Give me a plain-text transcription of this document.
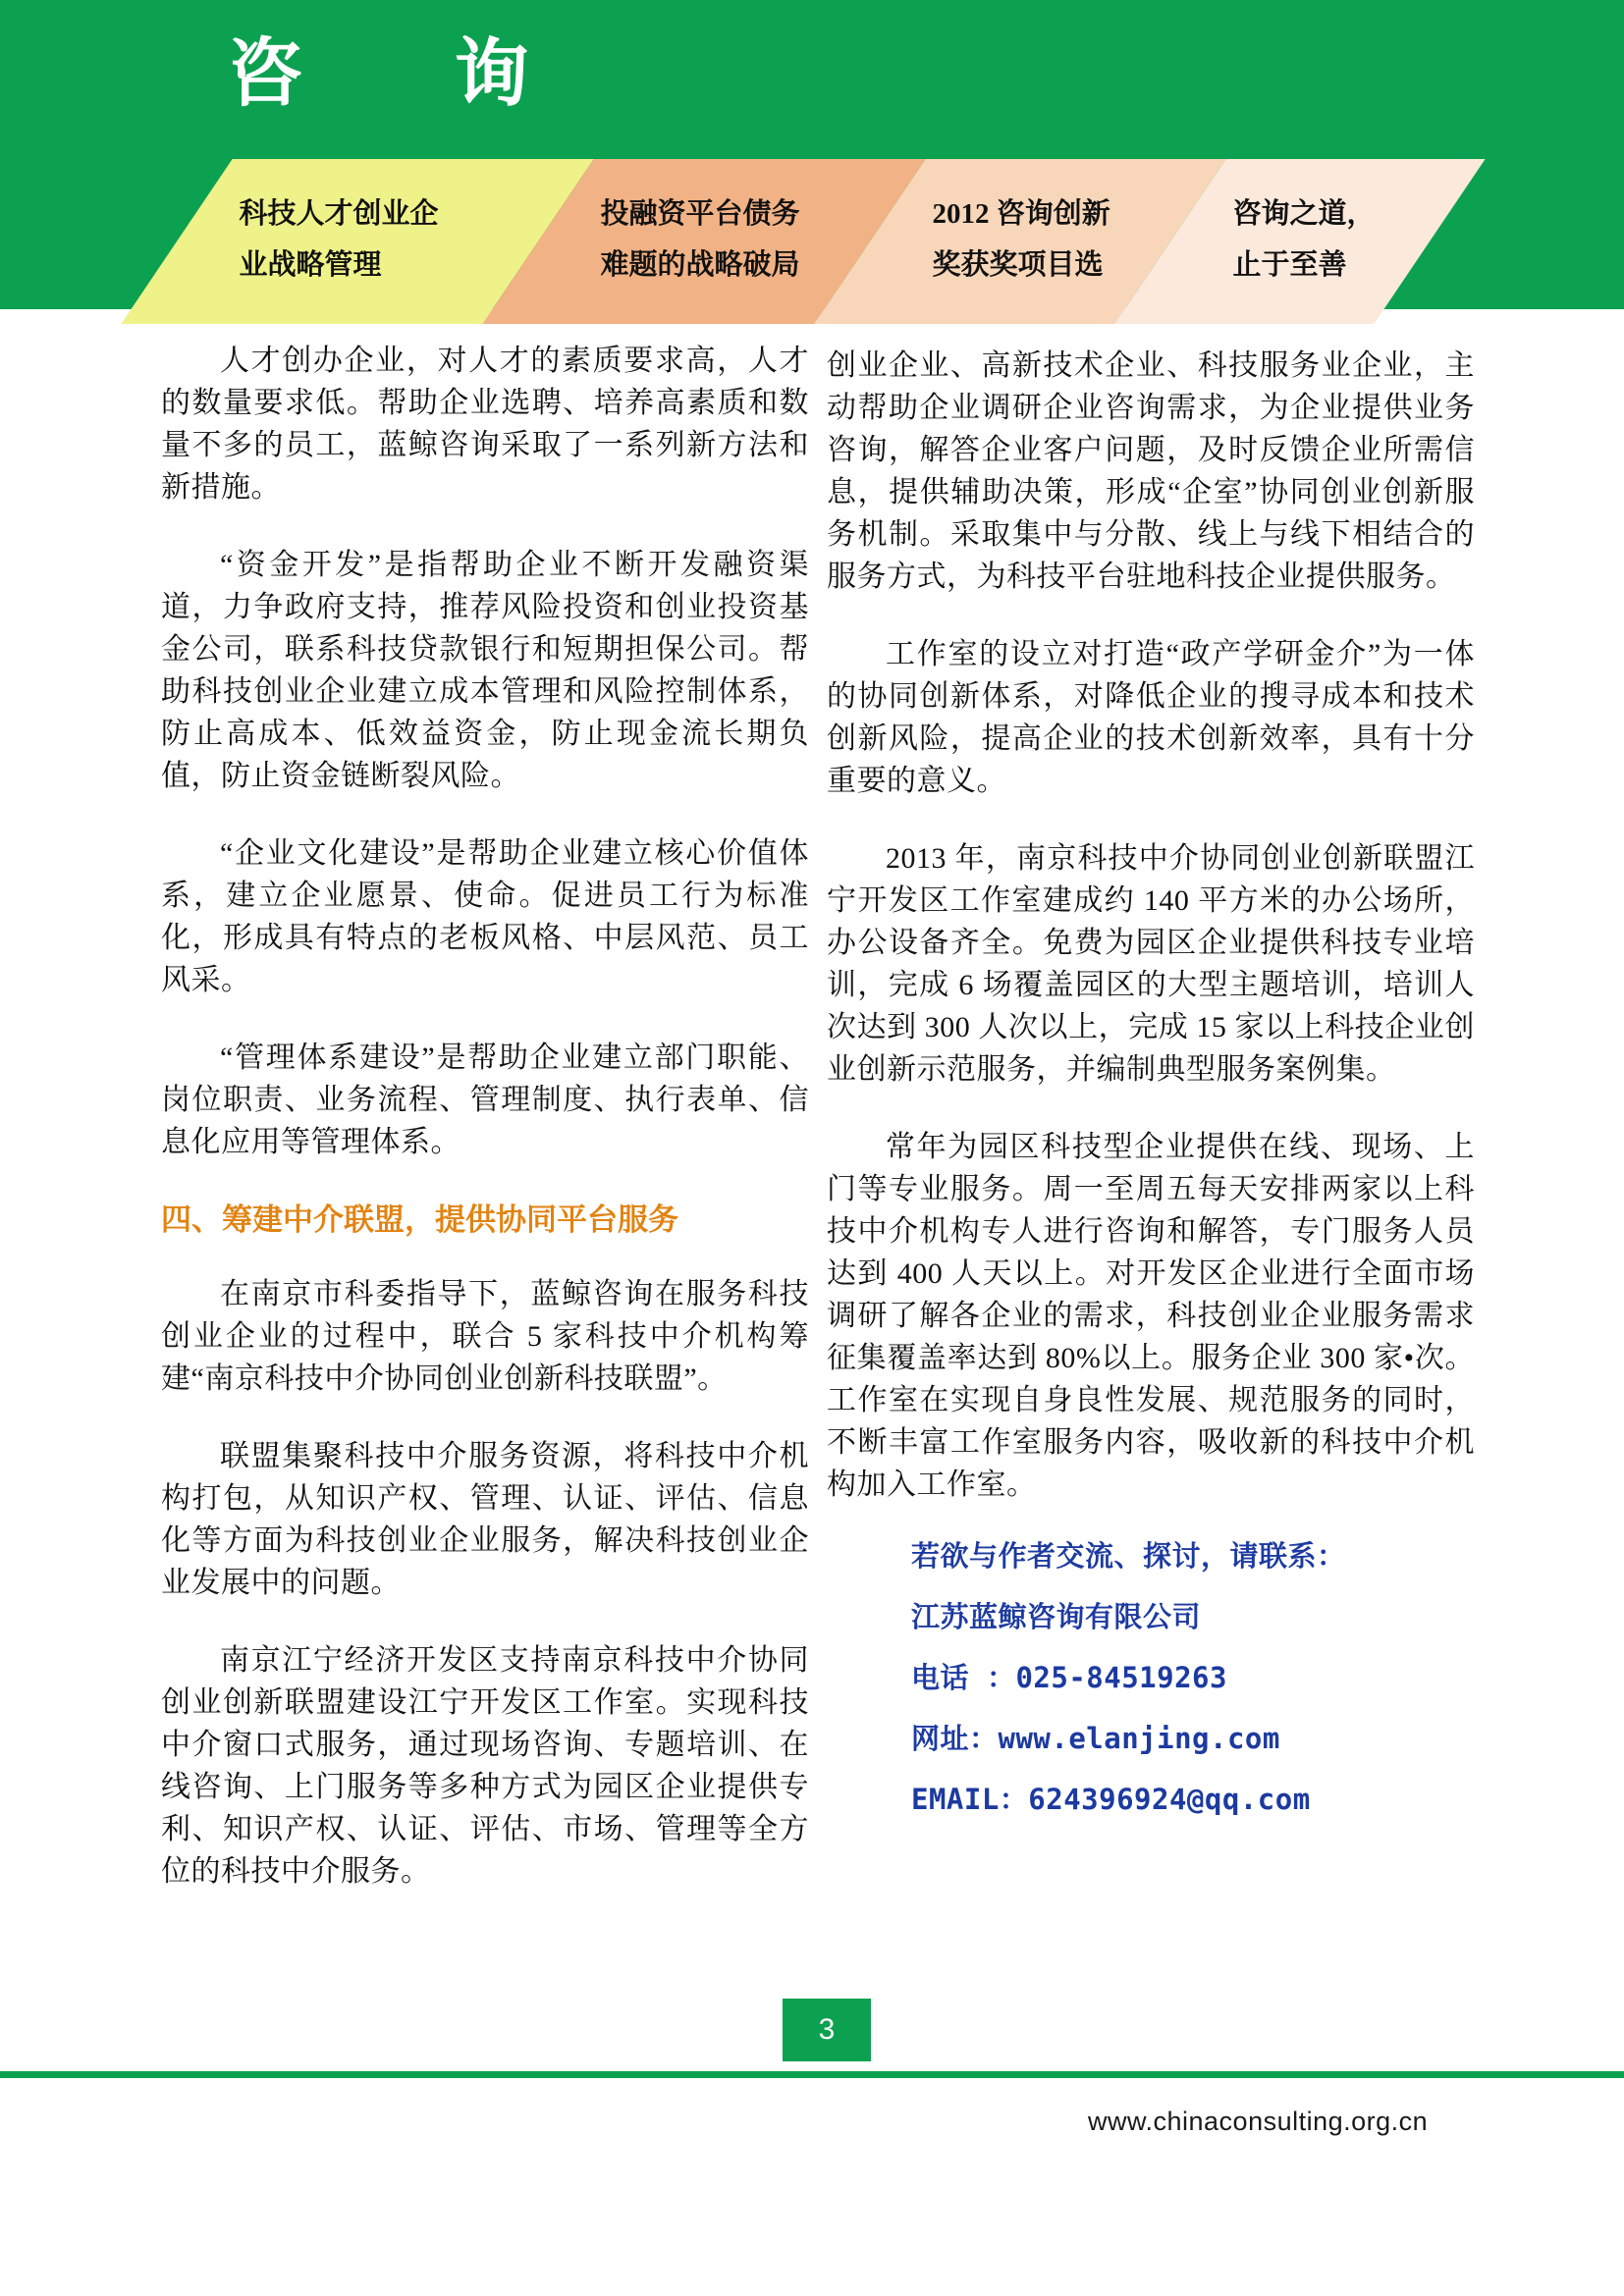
咨 询
科技人才创业企
业战略管理
投融资平台债务
难题的战略破局
2012 咨询创新
奖获奖项目选
咨询之道，
止于至善

人才创办企业，对人才的素质要求高，人才的数量要求低。帮助企业选聘、培养高素质和数量不多的员工，蓝鲸咨询采取了一系列新方法和新措施。

“资金开发”是指帮助企业不断开发融资渠道，力争政府支持，推荐风险投资和创业投资基金公司，联系科技贷款银行和短期担保公司。帮助科技创业企业建立成本管理和风险控制体系，防止高成本、低效益资金，防止现金流长期负值，防止资金链断裂风险。

“企业文化建设”是帮助企业建立核心价值体系，建立企业愿景、使命。促进员工行为标准化，形成具有特点的老板风格、中层风范、员工风采。

“管理体系建设”是帮助企业建立部门职能、岗位职责、业务流程、管理制度、执行表单、信息化应用等管理体系。

四、筹建中介联盟，提供协同平台服务

在南京市科委指导下，蓝鲸咨询在服务科技创业企业的过程中，联合 5 家科技中介机构筹建“南京科技中介协同创业创新科技联盟”。

联盟集聚科技中介服务资源，将科技中介机构打包，从知识产权、管理、认证、评估、信息化等方面为科技创业企业服务，解决科技创业企业发展中的问题。

南京江宁经济开发区支持南京科技中介协同创业创新联盟建设江宁开发区工作室。实现科技中介窗口式服务，通过现场咨询、专题培训、在线咨询、上门服务等多种方式为园区企业提供专利、知识产权、认证、评估、市场、管理等全方位的科技中介服务。

创业企业、高新技术企业、科技服务业企业，主动帮助企业调研企业咨询需求，为企业提供业务咨询，解答企业客户问题，及时反馈企业所需信息，提供辅助决策，形成“企室”协同创业创新服务机制。采取集中与分散、线上与线下相结合的服务方式，为科技平台驻地科技企业提供服务。

工作室的设立对打造“政产学研金介”为一体的协同创新体系，对降低企业的搜寻成本和技术创新风险，提高企业的技术创新效率，具有十分重要的意义。

2013 年，南京科技中介协同创业创新联盟江宁开发区工作室建成约 140 平方米的办公场所，办公设备齐全。免费为园区企业提供科技专业培训，完成 6 场覆盖园区的大型主题培训，培训人次达到 300 人次以上，完成 15 家以上科技企业创业创新示范服务，并编制典型服务案例集。

常年为园区科技型企业提供在线、现场、上门等专业服务。周一至周五每天安排两家以上科技中介机构专人进行咨询和解答，专门服务人员达到 400 人天以上。对开发区企业进行全面市场调研了解各企业的需求，科技创业企业服务需求征集覆盖率达到 80%以上。服务企业 300 家•次。工作室在实现自身良性发展、规范服务的同时，不断丰富工作室服务内容，吸收新的科技中介机构加入工作室。

若欲与作者交流、探讨，请联系：

江苏蓝鲸咨询有限公司

电话 ：025-84519263

网址：www.elanjing.com

EMAIL：624396924@qq.com

3
www.chinaconsulting.org.cn
